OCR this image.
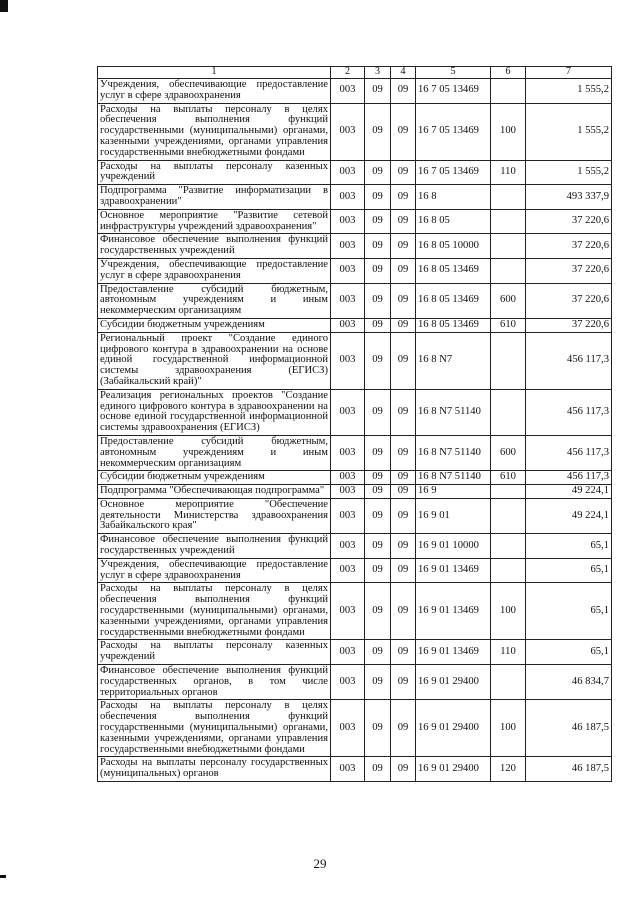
1	2	3	4	5	6	7
Учреждения, обеспечивающие предоставление услуг в сфере здравоохранения	003	09	09	16 7 05 13469		1 555,2
Расходы на выплаты персоналу в целях обеспечения выполнения функций государственными (муниципальными) органами, казенными учреждениями, органами управления государственными внебюджетными фондами	003	09	09	16 7 05 13469	100	1 555,2
Расходы на выплаты персоналу казенных учреждений	003	09	09	16 7 05 13469	110	1 555,2
Подпрограмма "Развитие информатизации в здравоохранении"	003	09	09	16 8		493 337,9
Основное мероприятие "Развитие сетевой инфраструктуры учреждений здравоохранения"	003	09	09	16 8 05		37 220,6
Финансовое обеспечение выполнения функций государственных учреждений	003	09	09	16 8 05 10000		37 220,6
Учреждения, обеспечивающие предоставление услуг в сфере здравоохранения	003	09	09	16 8 05 13469		37 220,6
Предоставление субсидий бюджетным, автономным учреждениям и иным некоммерческим организациям	003	09	09	16 8 05 13469	600	37 220,6
Субсидии бюджетным учреждениям	003	09	09	16 8 05 13469	610	37 220,6
Региональный проект "Создание единого цифрового контура в здравоохранении на основе единой государственной информационной системы здравоохранения (ЕГИСЗ) (Забайкальский край)"	003	09	09	16 8 N7		456 117,3
Реализация региональных проектов "Создание единого цифрового контура в здравоохранении на основе единой государственной информационной системы здравоохранения (ЕГИСЗ)	003	09	09	16 8 N7 51140		456 117,3
Предоставление субсидий бюджетным, автономным учреждениям и иным некоммерческим организациям	003	09	09	16 8 N7 51140	600	456 117,3
Субсидии бюджетным учреждениям	003	09	09	16 8 N7 51140	610	456 117,3
Подпрограмма "Обеспечивающая подпрограмма"	003	09	09	16 9		49 224,1
Основное мероприятие "Обеспечение деятельности Министерства здравоохранения Забайкальского края"	003	09	09	16 9 01		49 224,1
Финансовое обеспечение выполнения функций государственных учреждений	003	09	09	16 9 01 10000		65,1
Учреждения, обеспечивающие предоставление услуг в сфере здравоохранения	003	09	09	16 9 01 13469		65,1
Расходы на выплаты персоналу в целях обеспечения выполнения функций государственными (муниципальными) органами, казенными учреждениями, органами управления государственными внебюджетными фондами	003	09	09	16 9 01 13469	100	65,1
Расходы на выплаты персоналу казенных учреждений	003	09	09	16 9 01 13469	110	65,1
Финансовое обеспечение выполнения функций государственных органов, в том числе территориальных органов	003	09	09	16 9 01 29400		46 834,7
Расходы на выплаты персоналу в целях обеспечения выполнения функций государственными (муниципальными) органами, казенными учреждениями, органами управления государственными внебюджетными фондами	003	09	09	16 9 01 29400	100	46 187,5
Расходы на выплаты персоналу государственных (муниципальных) органов	003	09	09	16 9 01 29400	120	46 187,5
29
